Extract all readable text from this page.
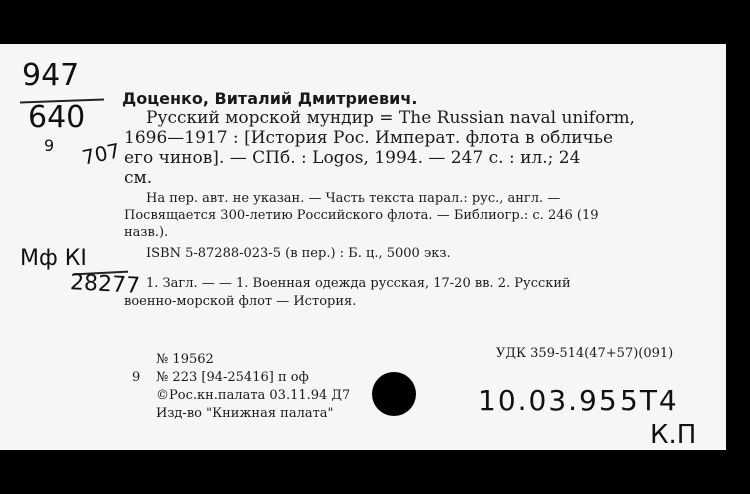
947
640
9 707
Мф КI
28277
Доценко, Виталий Дмитриевич.
Русский морской мундир = The Russian naval uniform,
1696—1917 : [История Рос. Императ. флота в обличье
его чинов]. — СПб. : Logos, 1994. — 247 с. : ил.; 24
см.
На пер. авт. не указан. — Часть текста парал.: рус., англ. —
Посвящается 300-летию Российского флота. — Библиогр.: с. 246 (19
назв.).
ISBN 5-87288-023-5 (в пер.) : Б. ц., 5000 экз.
1. Загл. — — 1. Военная одежда русская, 17-20 вв. 2. Русский
военно-морской флот — История.
№ 19562	УДК 359-514(47+57)(091)
9 № 223 [94-25416] п оф
©Рос.кн.палата 03.11.94 Д7
Изд-во "Книжная палата"	10.03.95 5Т4
К.П
